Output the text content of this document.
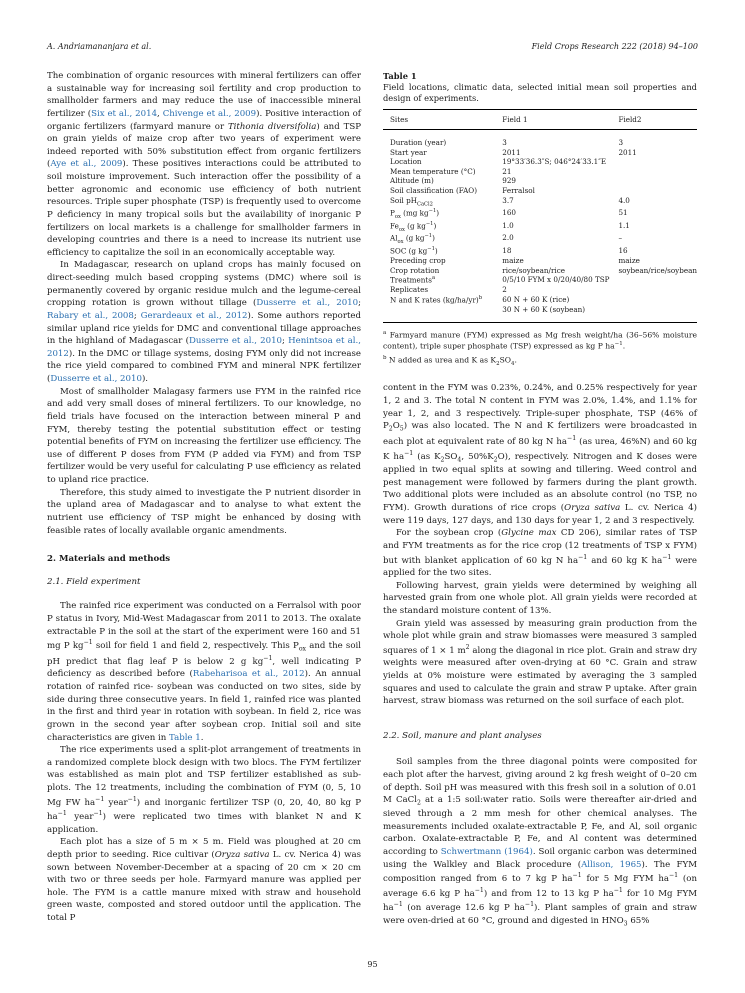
A. Andriamananjara et al.	Field Crops Research 222 (2018) 94–100

The combination of organic resources with mineral fertilizers can offer a sustainable way for increasing soil fertility and crop production to smallholder farmers and may reduce the use of inaccessible mineral fertilizer (Six et al., 2014, Chivenge et al., 2009). Positive interaction of organic fertilizers (farmyard manure or Tithonia diversifolia) and TSP on grain yields of maize crop after two years of experiment were indeed reported with 50% substitution effect from organic fertilizers (Aye et al., 2009). These positives interactions could be attributed to soil moisture improvement. Such interaction offer the possibility of a better agronomic and economic use efficiency of both nutrient resources. Triple super phosphate (TSP) is frequently used to overcome P deficiency in many tropical soils but the availability of inorganic P fertilizers on local markets is a challenge for smallholder farmers in developing countries and there is a need to increase its nutrient use efficiency to capitalize the soil in an economically acceptable way.

In Madagascar, research on upland crops has mainly focused on direct-seeding mulch based cropping systems (DMC) where soil is permanently covered by organic residue mulch and the legume-cereal cropping rotation is grown without tillage (Dusserre et al., 2010; Rabary et al., 2008; Gerardeaux et al., 2012). Some authors reported similar upland rice yields for DMC and conventional tillage approaches in the highland of Madagascar (Dusserre et al., 2010; Henintsoa et al., 2012). In the DMC or tillage systems, dosing FYM only did not increase the rice yield compared to combined FYM and mineral NPK fertilizer (Dusserre et al., 2010).

Most of smallholder Malagasy farmers use FYM in the rainfed rice and add very small doses of mineral fertilizers. To our knowledge, no field trials have focused on the interaction between mineral P and FYM, thereby testing the potential substitution effect or testing potential benefits of FYM on increasing the fertilizer use efficiency. The use of different P doses from FYM (P added via FYM) and from TSP fertilizer would be very useful for calculating P use efficiency as related to upland rice practice.

Therefore, this study aimed to investigate the P nutrient disorder in the upland area of Madagascar and to analyse to what extent the nutrient use efficiency of TSP might be enhanced by dosing with feasible rates of locally available organic amendments.

2. Materials and methods
2.1. Field experiment

The rainfed rice experiment was conducted on a Ferralsol with poor P status in Ivory, Mid-West Madagascar from 2011 to 2013. The oxalate extractable P in the soil at the start of the experiment were 160 and 51 mg P $kg^{-1}$ soil for field 1 and field 2, respectively. This $P_{ox}$ and the soil pH predict that flag leaf P is below 2 g $kg^{-1}$, well indicating P deficiency as described before (Rabeharisoa et al., 2012). An annual rotation of rainfed rice- soybean was conducted on two sites, side by side during three consecutive years. In field 1, rainfed rice was planted in the first and third year in rotation with soybean. In field 2, rice was grown in the second year after soybean crop. Initial soil and site characteristics are given in Table 1.

The rice experiments used a split-plot arrangement of treatments in a randomized complete block design with two blocs. The FYM fertilizer was established as main plot and TSP fertilizer established as sub-plots. The 12 treatments, including the combination of FYM (0, 5, 10 Mg FW $ha^{-1}$ year$^{-1}$) and inorganic fertilizer TSP (0, 20, 40, 80 kg P $ha^{-1}$ year$^{-1}$) were replicated two times with blanket N and K application.

Each plot has a size of 5 m × 5 m. Field was ploughed at 20 cm depth prior to seeding. Rice cultivar (Oryza sativa L. cv. Nerica 4) was sown between November-December at a spacing of 20 cm × 20 cm with two or three seeds per hole. Farmyard manure was applied per hole. The FYM is a cattle manure mixed with straw and household green waste, composted and stored outdoor until the application. The total P

Table 1
Field locations, climatic data, selected initial mean soil properties and design of experiments.
Sites	Field 1	Field2
Duration (year)	3	3
Start year	2011	2011
Location	19°33′36.3″S; 046°24′33.1″E	
Mean temperature (°C)	21	
Altitude (m)	929	
Soil classification (FAO)	Ferralsol	
Soil $pH_{CaCl2}$	3.7	4.0
$P_{ox}$ (mg $kg^{-1}$)	160	51
$Fe_{ox}$ (g $kg^{-1}$)	1.0	1.1
$Al_{ox}$ (g $kg^{-1}$)	2.0	–
SOC (g $kg^{-1}$)	18	16
Preceding crop	maize	maize
Crop rotation	rice/soybean/rice	soybean/rice/soybean
Treatments$^a$	0/5/10 FYM x 0/20/40/80 TSP	
Replicates	2	
N and K rates $(kg/ha/yr)^b$	60 N + 60 K (rice)	
	30 N + 60 K (soybean)	
$^a$ Farmyard manure (FYM) expressed as Mg fresh weight/ha (36–56% moisture content), triple super phosphate (TSP) expressed as kg P $ha^{-1}$.
$^b$ N added as urea and K as $K_2SO_4$.

content in the FYM was 0.23%, 0.24%, and 0.25% respectively for year 1, 2 and 3. The total N content in FYM was 2.0%, 1.4%, and 1.1% for year 1, 2, and 3 respectively. Triple-super phosphate, TSP (46% of $P_2O_5$) was also located. The N and K fertilizers were broadcasted in each plot at equivalent rate of 80 kg N $ha^{-1}$ (as urea, 46%N) and 60 kg K $ha^{-1}$ (as $K_2SO_4$, $50\%K_2O$), respectively. Nitrogen and K doses were applied in two equal splits at sowing and tillering. Weed control and pest management were followed by farmers during the plant growth. Two additional plots were included as an absolute control (no TSP, no FYM). Growth durations of rice crops (Oryza sativa L. cv. Nerica 4) were 119 days, 127 days, and 130 days for year 1, 2 and 3 respectively.

For the soybean crop (Glycine max CD 206), similar rates of TSP and FYM treatments as for the rice crop (12 treatments of TSP x FYM) but with blanket application of 60 kg N $ha^{-1}$ and 60 kg K $ha^{-1}$ were applied for the two sites.

Following harvest, grain yields were determined by weighing all harvested grain from one whole plot. All grain yields were recorded at the standard moisture content of 13%.

Grain yield was assessed by measuring grain production from the whole plot while grain and straw biomasses were measured 3 sampled squares of 1 × 1 $m^2$ along the diagonal in rice plot. Grain and straw dry weights were measured after oven-drying at 60 °C. Grain and straw yields at 0% moisture were estimated by averaging the 3 sampled squares and used to calculate the grain and straw P uptake. After grain harvest, straw biomass was returned on the soil surface of each plot.

2.2. Soil, manure and plant analyses

Soil samples from the three diagonal points were composited for each plot after the harvest, giving around 2 kg fresh weight of 0–20 cm of depth. Soil pH was measured with this fresh soil in a solution of 0.01 M CaCl$_2$ at a 1:5 soil:water ratio. Soils were thereafter air-dried and sieved through a 2 mm mesh for other chemical analyses. The measurements included oxalate-extractable P, Fe, and Al, soil organic carbon. Oxalate-extractable P, Fe, and Al content was determined according to Schwertmann (1964). Soil organic carbon was determined using the Walkley and Black procedure (Allison, 1965). The FYM composition ranged from 6 to 7 kg P $ha^{-1}$ for 5 Mg FYM $ha^{-1}$ (on average 6.6 kg P $ha^{-1}$) and from 12 to 13 kg P $ha^{-1}$ for 10 Mg FYM $ha^{-1}$ (on average 12.6 kg P $ha^{-1}$). Plant samples of grain and straw were oven-dried at 60 °C, ground and digested in $HNO_3$ 65%

95
